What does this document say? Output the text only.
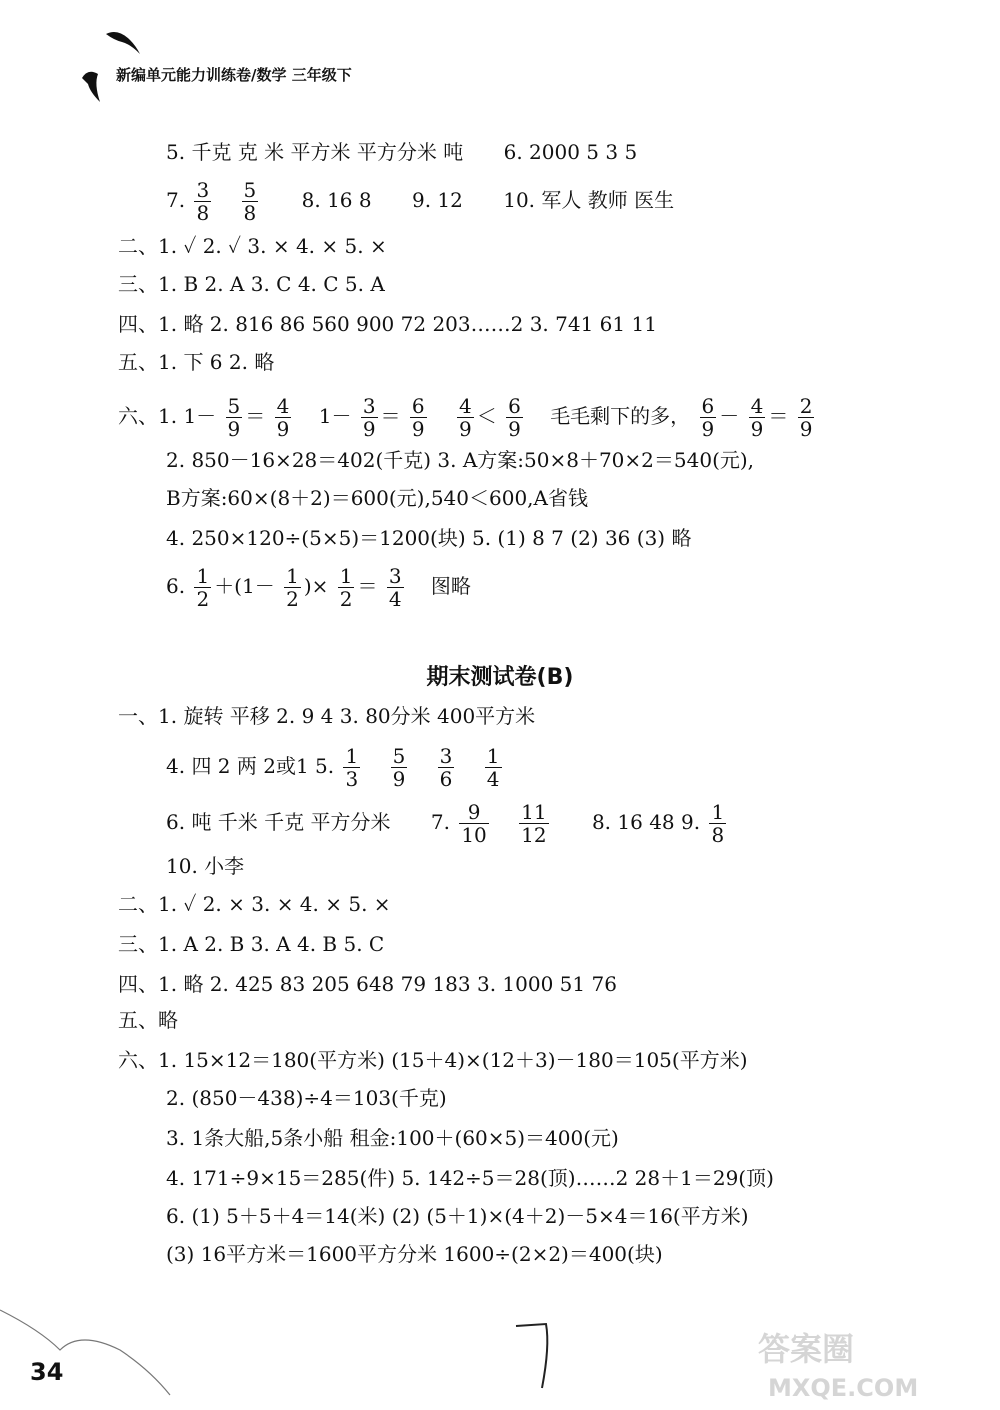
新编单元能力训练卷/数学 三年级下
5. 千克 克 米 平方米 平方分米 吨 6. 2000 5 3 5
7. $\frac{3}{8}$
$\frac{5}{8} 8$. 16 8 9. 12 10. 军人 教师 医生
二、1. ✓ 2. ✓ 3. × 4. × 5. ×
三、1. B 2. A 3. C 4. C 5. A
四、1. 略 2. 816 86 560 900 72 203……2 3. 741 61 11
五、1. 下 6 2. 略
六、1. $1- \frac{5}{9} = \frac{4}{9} 1- \frac{3}{9} = \frac{6}{9}$
$\frac{4}{9} < \frac{6}{9}$ 毛毛剩下的多， $\frac{6}{9} - \frac{4}{9} = \frac{2}{9}$
2. 850－16×28＝402(千克) 3. A方案:50×8＋70×2＝540(元),
B方案:60×(8＋2)＝600(元),540＜600,A省钱
4. 250×120÷(5×5)＝1200(块) 5. (1) 8 7 (2) 36 (3) 略
6. $\frac{1}{2} +(1- \frac{1}{2}$ )× $\frac{1}{2} = \frac{3}{4}$ 图略
期末测试卷(B)
一、1. 旋转 平移 2. 9 4 3. 80分米 400平方米
4. 四 2 两 2或1 5. $\frac{1}{3}$
$\frac{5}{9}$
$\frac{3}{6}$
$\frac{1}{4}$
6. 吨 千米 千克 平方分米 7. $\frac{9}{10}$
$\frac{11}{12} 8$. 16 48 9. $\frac{1}{8}$
10. 小李
二、1. ✓ 2. × 3. × 4. × 5. ×
三、1. A 2. B 3. A 4. B 5. C
四、1. 略 2. 425 83 205 648 79 183 3. 1000 51 76
五、略
六、1. 15×12＝180(平方米) (15＋4)×(12＋3)－180＝105(平方米)
2. (850－438)÷4＝103(千克)
3. 1条大船,5条小船 租金:100＋(60×5)＝400(元)
4. 171÷9×15＝285(件) 5. 142÷5＝28(顶)……2 28＋1＝29(顶)
6. (1) 5＋5＋4＝14(米) (2) (5＋1)×(4＋2)－5×4＝16(平方米)
(3) 16平方米＝1600平方分米 1600÷(2×2)＝400(块)
34
答案圈
MXQE.COM
